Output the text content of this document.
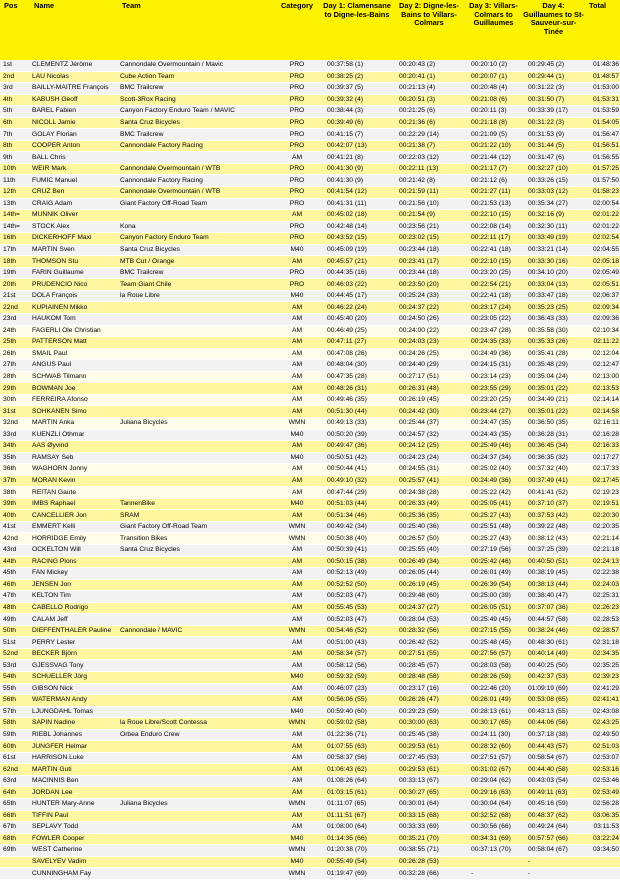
Pos	Name	Team	Category	Day 1: Clamensane to Digne-les-Bains	Day 2: Digne-les-Bains to Villars-Colmars	Day 3: Villars-Colmars to Guillaumes	Day 4: Guillaumes to St-Sauveur-sur-Tinée	Total
1st	CLEMENTZ Jérôme	Cannondale Overmountain / Mavic	PRO	00:37:58 (1)	00:20:43 (2)	00:20:10 (2)	00:29:45 (2)	01:48:36
2nd	LAU Nicolas	Cube Action Team	PRO	00:38:25 (2)	00:20:41 (1)	00:20:07 (1)	00:29:44 (1)	01:48:57
3rd	BAILLY-MAITRE François	BMC Trailcrew	PRO	00:39:37 (5)	00:21:13 (4)	00:20:48 (4)	00:31:22 (3)	01:53:00
4th	KABUSH Geoff	Scott-3Rox Racing	PRO	00:39:32 (4)	00:20:51 (3)	00:21:08 (6)	00:31:50 (7)	01:53:31
5th	BAREL Fabien	Canyon Factory Enduro Team / MAVIC	PRO	00:38:44 (3)	00:21:25 (6)	00:20:11 (3)	00:33:39 (17)	01:53:59
6th	NICOLL Jamie	Santa Cruz Bicycles	PRO	00:39:49 (6)	00:21:36 (6)	00:21:18 (8)	00:31:22 (3)	01:54:05
7th	GOLAY Florian	BMC Trailcrew	PRO	00:41:15 (7)	00:22:29 (14)	00:21:09 (5)	00:31:53 (9)	01:56:47
8th	COOPER Anton	Cannondale Factory Racing	PRO	00:42:07 (13)	00:21:38 (7)	00:21:22 (10)	00:31:44 (5)	01:56:51
9th	BALL Chris		AM	00:41:21 (8)	00:22:03 (12)	00:21:44 (12)	00:31:47 (6)	01:56:55
10th	WEIR Mark	Cannondale Overmountain / WTB	PRO	00:41:30 (9)	00:22:11 (13)	00:21:17 (7)	00:32:27 (10)	01:57:25
11th	FUMIC Manuel	Cannondale Factory Racing	PRO	00:41:30 (9)	00:21:42 (8)	00:21:12 (6)	00:33:26 (15)	01:57:50
12th	CRUZ Ben	Cannondale Overmountain / WTB	PRO	00:41:54 (12)	00:21:59 (11)	00:21:27 (11)	00:33:03 (12)	01:58:23
13th	CRAIG Adam	Giant Factory Off-Road Team	PRO	00:41:31 (11)	00:21:56 (10)	00:21:53 (13)	00:35:34 (27)	02:00:54
14th=	MUNNIK Oliver		AM	00:45:02 (18)	00:21:54 (9)	00:22:10 (15)	00:32:16 (9)	02:01:22
14th=	STOCK Alex	Kona	PRO	00:42:48 (14)	00:23:56 (21)	00:22:08 (14)	00:32:30 (11)	02:01:22
16th	DICKERHOFF Maxi	Canyon Factory Enduro Team	PRO	00:43:52 (15)	00:23:02 (15)	00:22:11 (17)	00:33:49 (19)	02:02:54
17th	MARTIN Sven	Santa Cruz Bicycles	M40	00:45:09 (19)	00:23:44 (18)	00:22:41 (18)	00:33:21 (14)	02:04:55
18th	THOMSON Stu	MTB Cut / Orange	AM	00:45:57 (21)	00:23:41 (17)	00:22:10 (15)	00:33:30 (16)	02:05:18
19th	FARIN Guillaume	BMC Trailcrew	PRO	00:44:35 (16)	00:23:44 (18)	00:23:20 (25)	00:34:10 (20)	02:05:49
20th	PRUDENCIO Nico	Team Giant Chile	PRO	00:46:03 (22)	00:23:50 (20)	00:22:54 (21)	00:33:04 (13)	02:05:51
21st	DOLA François	la Roue Libre	M40	00:44:45 (17)	00:25:24 (33)	00:22:41 (18)	00:33:47 (18)	02:06:37
22nd	KUPIAINEN Mikko		AM	00:46:22 (24)	00:24:37 (22)	00:23:17 (24)	00:35:23 (25)	02:09:34
23rd	HAUKOM Tom		AM	00:45:40 (20)	00:24:50 (26)	00:23:05 (22)	00:36:43 (33)	02:09:36
24th	FAGERLI Ole Christian		AM	00:46:49 (25)	00:24:00 (22)	00:23:47 (28)	00:35:58 (30)	02:10:34
25th	PATTERSON Matt		AM	00:47:11 (27)	00:24:03 (23)	00:24:35 (33)	00:35:33 (26)	02:11:22
26th	SMAIL Paul		AM	00:47:08 (26)	00:24:26 (25)	00:24:49 (36)	00:35:41 (28)	02:12:04
27th	ANGUS Paul		AM	00:48:04 (30)	00:24:40 (29)	00:24:15 (31)	00:35:48 (29)	02:12:47
28th	SCHWAB Tilmann		AM	00:47:35 (28)	00:27:17 (51)	00:23:14 (23)	00:35:04 (24)	02:13:00
29th	BOWMAN Joe		AM	00:48:26 (31)	00:26:31 (48)	00:23:55 (29)	00:35:01 (22)	02:13:53
30th	FERREIRA Afonso		AM	00:49:46 (35)	00:26:19 (45)	00:23:20 (25)	00:34:49 (21)	02:14:14
31st	SOHKANEN Simo		AM	00:51:30 (44)	00:24:42 (30)	00:23:44 (27)	00:35:01 (22)	02:14:58
32nd	MARTIN Anka	Juliana Bicycles	WMN	00:49:13 (33)	00:25:44 (37)	00:24:47 (35)	00:36:50 (35)	02:16:11
33rd	KUENZLI Othmar		M40	00:50:20 (39)	00:24:57 (32)	00:24:43 (35)	00:36:28 (31)	02:16:28
34th	AAS Øyvind		AM	00:49:47 (36)	00:24:12 (25)	00:25:49 (46)	00:36:45 (34)	02:16:33
35th	RAMSAY Seb		M40	00:50:51 (42)	00:24:23 (24)	00:24:37 (34)	00:36:35 (32)	02:17:27
36th	WAGHORN Jonny		AM	00:50:44 (41)	00:24:55 (31)	00:25:02 (40)	00:37:32 (40)	02:17:33
37th	MORAN Kevin		AM	00:49:10 (32)	00:25:57 (41)	00:24:49 (36)	00:37:49 (41)	02:17:45
38th	REITAN Gaute		AM	00:47:44 (29)	00:24:38 (28)	00:25:22 (42)	00:41:41 (52)	02:19:23
39th	IMBS Raphael	TannenBike	M40	00:51:03 (44)	00:26:33 (49)	00:25:05 (41)	00:37:10 (37)	02:19:51
40th	CANCELLIER Jon	SRAM	AM	00:51:34 (46)	00:25:36 (35)	00:25:27 (43)	00:37:53 (42)	02:20:30
41st	EMMERT Kelli	Giant Factory Off-Road Team	WMN	00:49:42 (34)	00:25:40 (36)	00:25:51 (48)	00:39:22 (48)	02:20:35
42nd	HORRIDGE Emily	Transition Bikes	WMN	00:50:38 (40)	00:26:57 (50)	00:25:27 (43)	00:38:12 (43)	02:21:14
43rd	OCKELTON Will	Santa Cruz Bicycles	AM	00:50:39 (41)	00:25:55 (40)	00:27:19 (56)	00:37:25 (39)	02:21:18
44th	RACING Plons		AM	00:50:15 (38)	00:26:49 (34)	00:25:42 (46)	00:40:50 (51)	02:24:13
45th	FAN Mickey		AM	00:52:13 (49)	00:26:05 (44)	00:26:01 (49)	00:38:19 (45)	02:22:38
46th	JENSEN Jon		AM	00:52:52 (50)	00:26:19 (45)	00:26:39 (54)	00:38:13 (44)	02:24:03
47th	KELTON Tim		AM	00:52:03 (47)	00:29:48 (60)	00:25:00 (39)	00:38:40 (47)	02:25:31
48th	CABELLO Rodrigo		AM	00:55:45 (53)	00:24:37 (27)	00:26:05 (51)	00:37:07 (36)	02:26:23
49th	CALAM Jeff		AM	00:52:03 (47)	00:28:04 (53)	00:25:49 (45)	00:44:57 (58)	02:28:53
50th	DIEFFENTHALER Pauline	Cannondale / MAVIC	WMN	00:54:46 (52)	00:28:32 (56)	00:27:15 (55)	00:38:24 (46)	02:28:57
51st	PERRY Lester		AM	00:51:00 (43)	00:26:42 (52)	00:25:48 (45)	00:48:30 (61)	02:31:18
52nd	BECKER Björn		AM	00:58:34 (57)	00:27:51 (55)	00:27:56 (57)	00:40:14 (49)	02:34:35
53rd	GJESSVAG Tony		AM	00:58:12 (56)	00:28:45 (57)	00:28:03 (58)	00:40:25 (50)	02:35:25
54th	SCHUELLER Jörg		M40	00:59:32 (59)	00:28:48 (58)	00:28:26 (59)	00:42:37 (53)	02:39:23
55th	GIBSON Nick		AM	00:46:07 (23)	00:23:17 (16)	00:22:46 (20)	01:09:19 (69)	02:41:29
56th	WATERMAN Andy		AM	00:56:06 (55)	00:26:26 (47)	00:26:01 (49)	00:53:08 (65)	02:41:41
57th	LJUNGDAHL Tomas		M40	00:59:40 (60)	00:29:23 (59)	00:28:13 (61)	00:43:13 (55)	02:43:08
58th	SAPIN Nadine	la Roue Libre/Scott Contessa	WMN	00:59:02 (58)	00:30:00 (63)	00:30:17 (65)	00:44:06 (56)	02:43:25
59th	RIEBL Johannes	Orbea Enduro Crew	AM	01:22:36 (71)	00:25:45 (38)	00:24:11 (30)	00:37:18 (38)	02:49:50
60th	JUNGFER Helmar		AM	01:07:55 (63)	00:29:53 (61)	00:28:32 (60)	00:44:43 (57)	02:51:03
61st	HARRISON Luke		AM	00:58:37 (56)	00:27:45 (53)	00:27:51 (57)	00:58:54 (67)	02:53:07
62nd	MARTIN Guti		AM	01:06:43 (62)	00:29:53 (61)	00:31:02 (67)	00:44:40 (58)	02:53:16
63rd	MACINNIS Ben		AM	01:08:26 (64)	00:33:13 (67)	00:29:04 (62)	00:43:03 (54)	02:53:46
64th	JORDAN Lee		AM	01:03:15 (61)	00:30:27 (65)	00:29:16 (63)	00:49:11 (63)	02:53:49
65th	HUNTER Mary-Anne	Juliana Bicycles	WMN	01:11:07 (65)	00:30:01 (64)	00:30:04 (64)	00:45:16 (59)	02:56:28
66th	TIFFIN Paul		AM	01:11:51 (67)	00:33:15 (68)	00:32:52 (68)	00:48:37 (62)	03:06:35
67th	SEPLAVY Todd		AM	01:08:00 (64)	00:33:33 (69)	00:30:56 (66)	00:49:24 (64)	03:11:53
68th	FOWLER Cooper		M40	01:14:35 (66)	00:35:21 (70)	00:34:31 (69)	00:57:57 (66)	03:22:24
69th	WEST Catherine		WMN	01:20:38 (70)	00:38:55 (71)	00:37:13 (70)	00:58:04 (67)	03:34:50
	SAVELYEV Vadim		M40	00:55:49 (54)	00:26:28 (53)		-	
	CUNNINGHAM Fay		WMN	01:19:47 (69)	00:32:28 (66)	-	-	
